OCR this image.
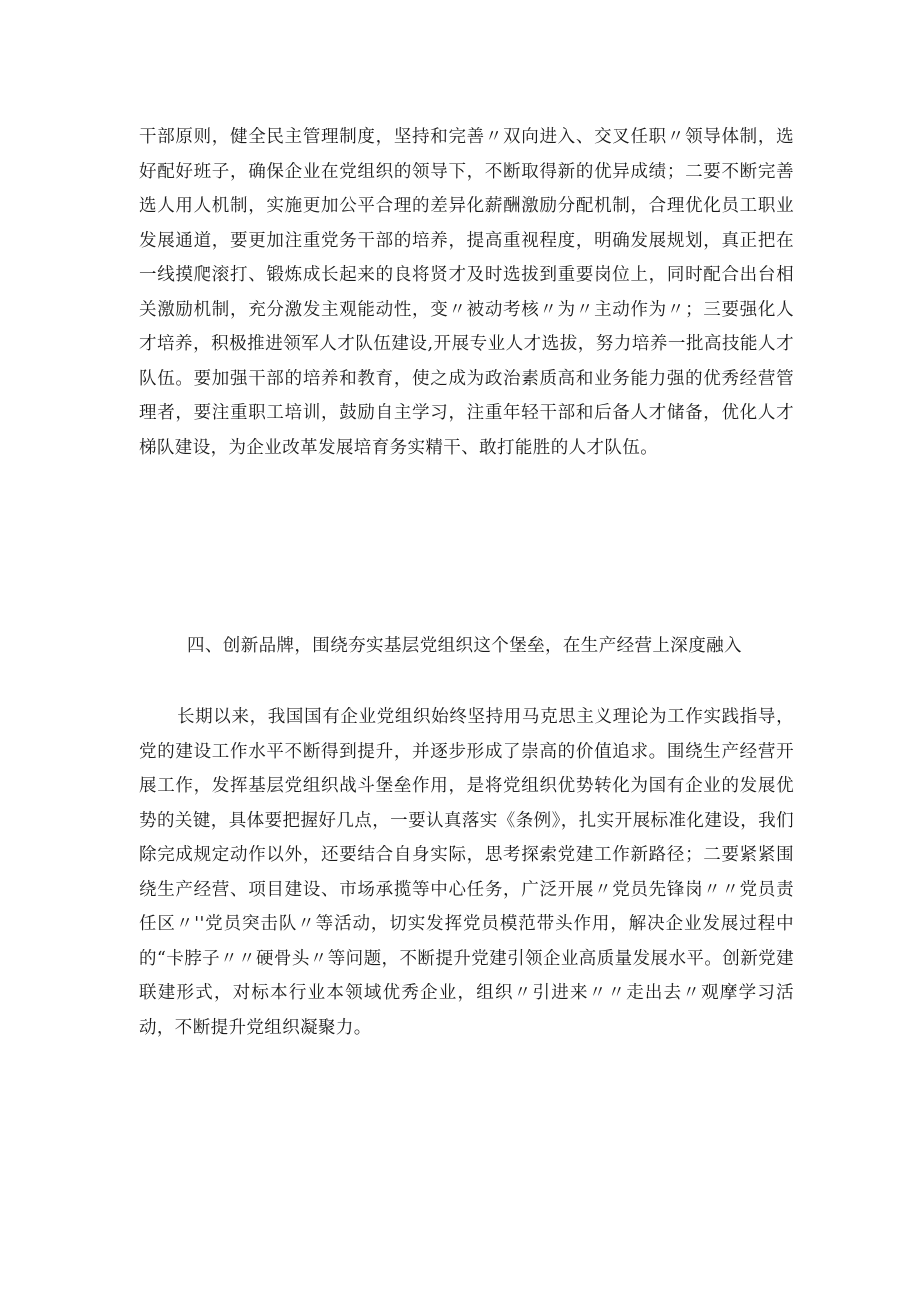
干部原则，健全民主管理制度，坚持和完善〃双向进入、交叉任职〃领导体制，选好配好班子，确保企业在党组织的领导下，不断取得新的优异成绩；二要不断完善选人用人机制，实施更加公平合理的差异化薪酬激励分配机制，合理优化员工职业发展通道，要更加注重党务干部的培养，提高重视程度，明确发展规划，真正把在一线摸爬滚打、锻炼成长起来的良将贤才及时选拔到重要岗位上，同时配合出台相关激励机制，充分激发主观能动性，变〃被动考核〃为〃主动作为〃；三要强化人才培养，积极推进领军人才队伍建设,开展专业人才选拔，努力培养一批高技能人才队伍。要加强干部的培养和教育，使之成为政治素质高和业务能力强的优秀经营管理者，要注重职工培训，鼓励自主学习，注重年轻干部和后备人才储备，优化人才梯队建设，为企业改革发展培育务实精干、敢打能胜的人才队伍。

四、创新品牌，围绕夯实基层党组织这个堡垒，在生产经营上深度融入

长期以来，我国国有企业党组织始终坚持用马克思主义理论为工作实践指导，党的建设工作水平不断得到提升，并逐步形成了崇高的价值追求。围绕生产经营开展工作，发挥基层党组织战斗堡垒作用，是将党组织优势转化为国有企业的发展优势的关键，具体要把握好几点，一要认真落实《条例》，扎实开展标准化建设，我们除完成规定动作以外，还要结合自身实际，思考探索党建工作新路径；二要紧紧围绕生产经营、项目建设、市场承揽等中心任务，广泛开展〃党员先锋岗〃〃党员责任区〃''党员突击队〃等活动，切实发挥党员模范带头作用，解决企业发展过程中的“卡脖子〃〃硬骨头〃等问题，不断提升党建引领企业高质量发展水平。创新党建联建形式，对标本行业本领域优秀企业，组织〃引进来〃〃走出去〃观摩学习活动，不断提升党组织凝聚力。
